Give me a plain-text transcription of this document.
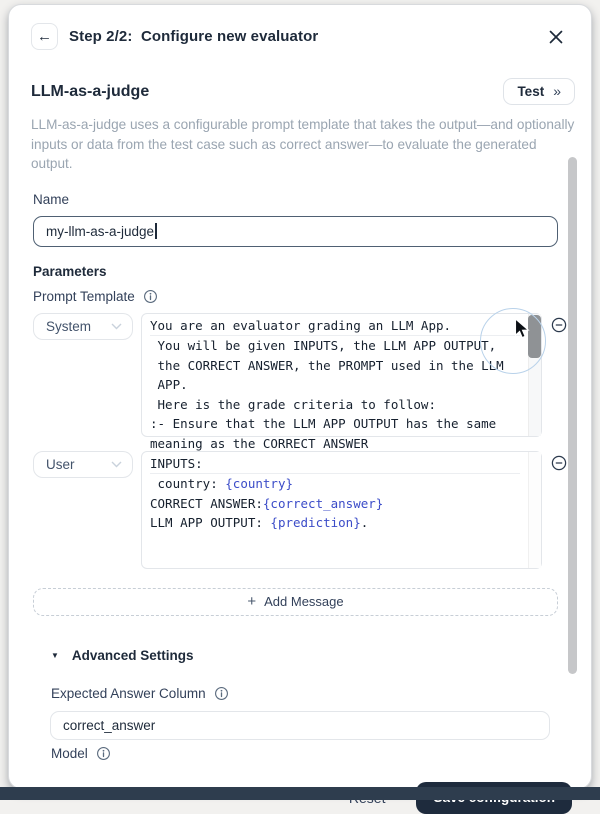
← Step 2/2:  Configure new evaluator
LLM-as-a-judge	Test »

LLM-as-a-judge uses a configurable prompt template that takes the output—and optionally inputs or data from the test case such as correct answer—to evaluate the generated output.

Name
my-llm-as-a-judge
Parameters
Prompt Template
System	You are an evaluator grading an LLM App.
You will be given INPUTS, the LLM APP OUTPUT,
the CORRECT ANSWER, the PROMPT used in the LLM
APP.
Here is the grade criteria to follow:
:- Ensure that the LLM APP OUTPUT has the same
meaning as the CORRECT ANSWER
User	INPUTS:
country: {country}
CORRECT ANSWER:{correct_answer}
LLM APP OUTPUT: {prediction}.
+ Add Message
▼ Advanced Settings
Expected Answer Column
correct_answer
Model
